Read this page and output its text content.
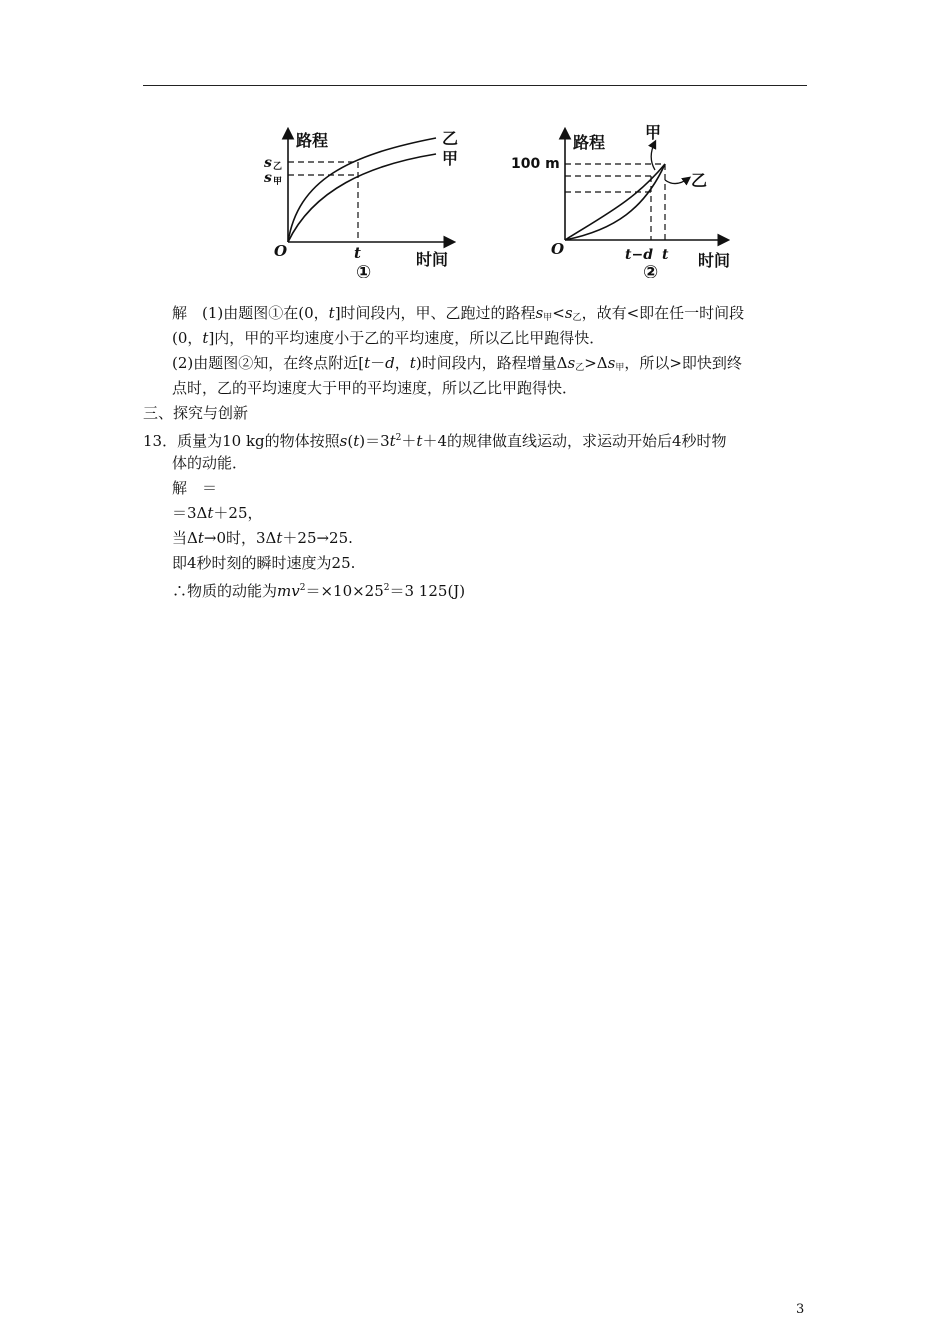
路程
时间
O	t
s 乙
s 甲
乙
甲
①
路程
时间
O
100 m
t−d t
甲
乙
②
解　(1)由题图①在(0，t]时间段内，甲、乙跑过的路程$s_甲<s_乙$，故有<即在任一时间段
(0，t]内，甲的平均速度小于乙的平均速度，所以乙比甲跑得快．
(2)由题图②知，在终点附近[t－d，t)时间段内，路程增量$\Delta s_乙>\Delta s_甲$，所以>即快到终
点时，乙的平均速度大于甲的平均速度，所以乙比甲跑得快．
三、探究与创新
13．质量为10 kg的物体按照$s(t)=3t^2+t+4$的规律做直线运动，求运动开始后4秒时物
体的动能．
解　＝
＝3Δt＋25，
当Δt→0时，3Δt＋25→25.
即4秒时刻的瞬时速度为25.
∴物质的动能为$mv^2=\times 10\times 25^2=3$ 125(J)
3
